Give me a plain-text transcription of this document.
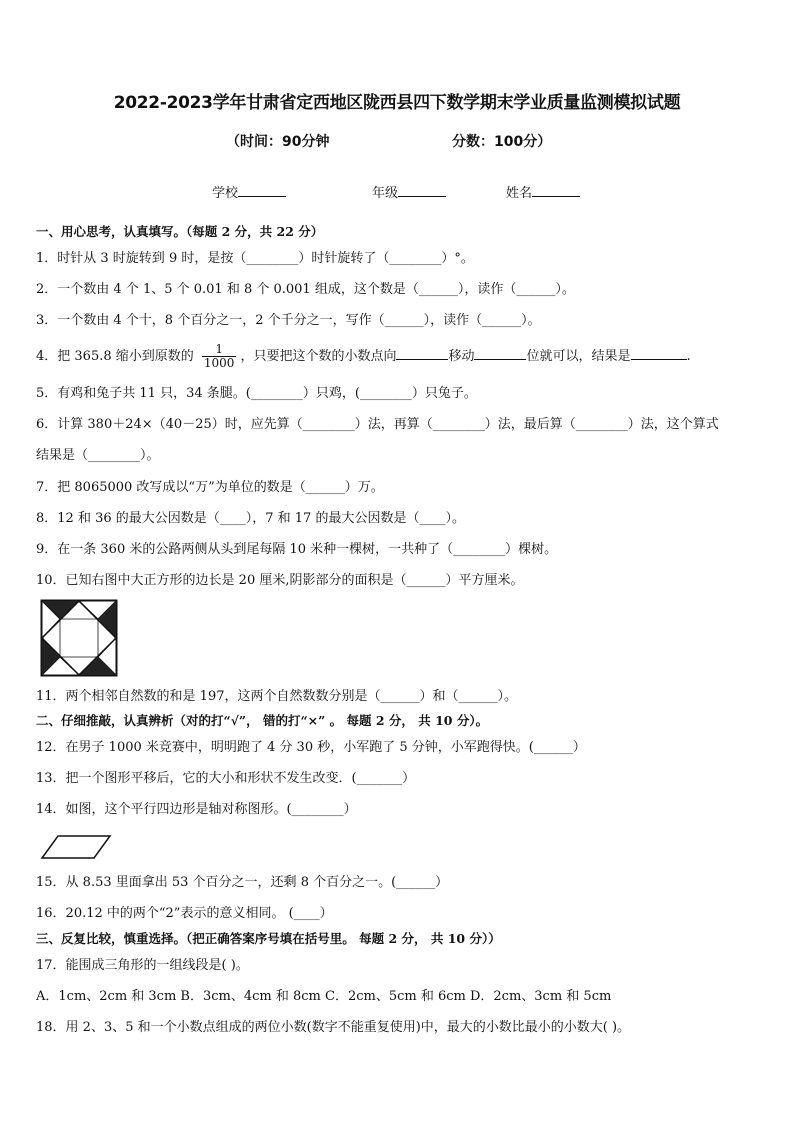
2022-2023学年甘肃省定西地区陇西县四下数学期末学业质量监测模拟试题
（时间：90分钟	分数：100分）
学校	年级	姓名
一、用心思考，认真填写。（每题 2 分，共 22 分）
1．时针从 3 时旋转到 9 时，是按（________）时针旋转了（________）°。
2．一个数由 4 个 1、5 个 0.01 和 8 个 0.001 组成，这个数是（______），读作（______）。
3．一个数由 4 个十，8 个百分之一，2 个千分之一，写作（______），读作（______）。
4．把 365.8 缩小到原数的 $\frac{1}{1000}$ ，只要把这个数的小数点向	移动	位就可以，结果是	.
5．有鸡和兔子共 11 只，34 条腿。(________）只鸡，(________）只兔子。
6．计算 380＋24×（40－25）时，应先算（________）法，再算（________）法，最后算（________）法，这个算式
结果是（________）。
7．把 8065000 改写成以“万”为单位的数是（______）万。
8．12 和 36 的最大公因数是（____），7 和 17 的最大公因数是（____）。
9．在一条 360 米的公路两侧从头到尾每隔 10 米种一棵树，一共种了（________）棵树。
10．已知右图中大正方形的边长是 20 厘米,阴影部分的面积是（______）平方厘米。
11．两个相邻自然数的和是 197，这两个自然数数分别是（______）和（______）。
二、仔细推敲，认真辨析（对的打“√”， 错的打“×” 。 每题 2 分， 共 10 分）。
12．在男子 1000 米竞赛中，明明跑了 4 分 30 秒，小军跑了 5 分钟，小军跑得快。(______）
13．把一个图形平移后，它的大小和形状不发生改变．(_______）
14．如图，这个平行四边形是轴对称图形。(________）
15．从 8.53 里面拿出 53 个百分之一，还剩 8 个百分之一。(______）
16．20.12 中的两个“2”表示的意义相同。 (____）
三、反复比较，慎重选择。（把正确答案序号填在括号里。 每题 2 分， 共 10 分））
17．能围成三角形的一组线段是( )。
A．1cm、2cm 和 3cm B．3cm、4cm 和 8cm C．2cm、5cm 和 6cm D．2cm、3cm 和 5cm
18．用 2、3、5 和一个小数点组成的两位小数(数字不能重复使用)中，最大的小数比最小的小数大( )。
